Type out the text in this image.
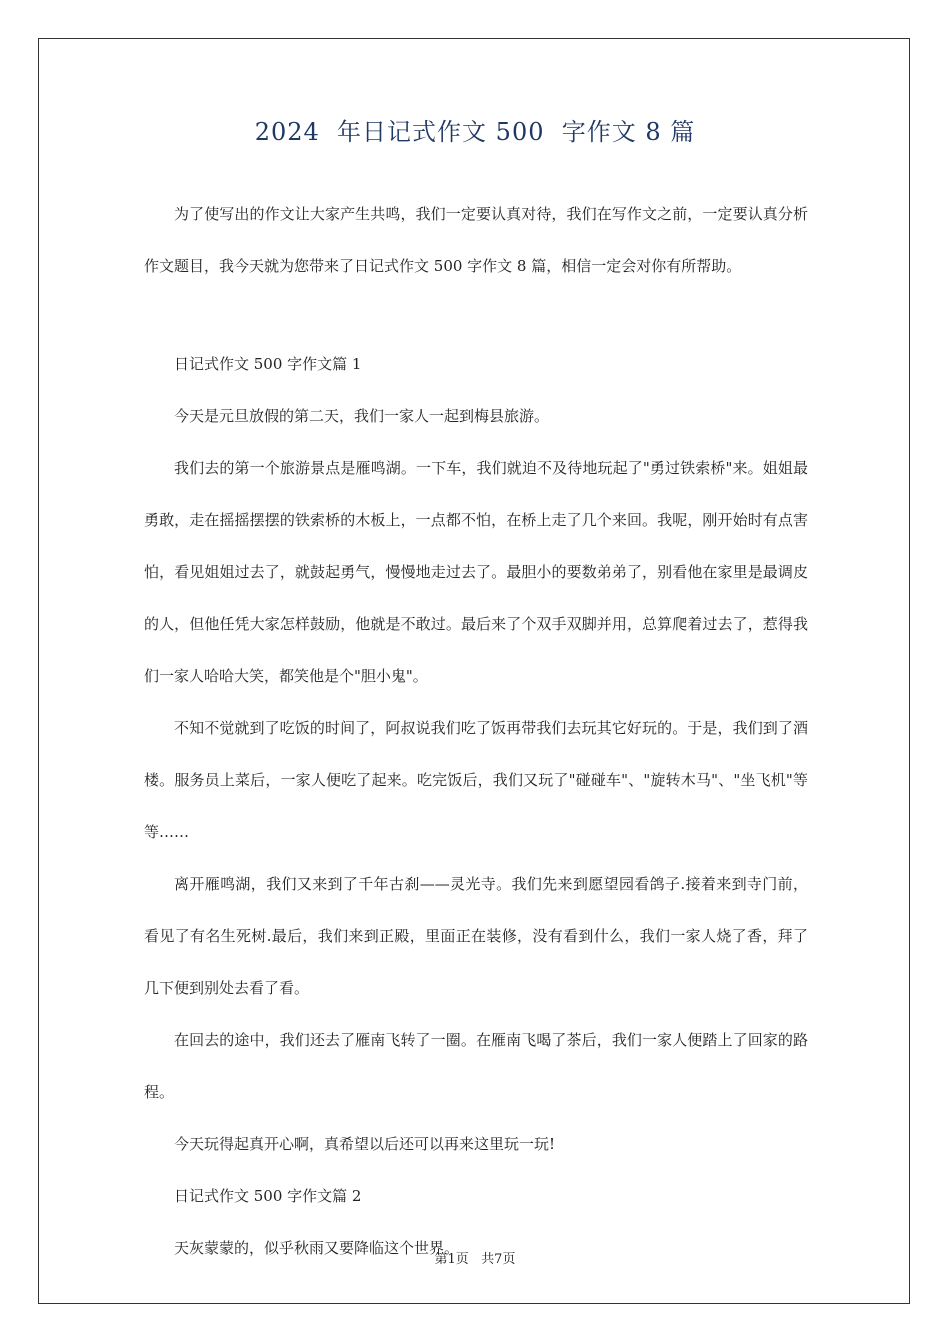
2024  年日记式作文 500  字作文 8 篇

为了使写出的作文让大家产生共鸣，我们一定要认真对待，我们在写作文之前，一定要认真分析作文题目，我今天就为您带来了日记式作文 500 字作文 8 篇，相信一定会对你有所帮助。

日记式作文 500 字作文篇 1

今天是元旦放假的第二天，我们一家人一起到梅县旅游。

我们去的第一个旅游景点是雁鸣湖。一下车，我们就迫不及待地玩起了"勇过铁索桥"来。姐姐最勇敢，走在摇摇摆摆的铁索桥的木板上，一点都不怕，在桥上走了几个来回。我呢，刚开始时有点害怕，看见姐姐过去了，就鼓起勇气，慢慢地走过去了。最胆小的要数弟弟了，别看他在家里是最调皮的人，但他任凭大家怎样鼓励，他就是不敢过。最后来了个双手双脚并用，总算爬着过去了，惹得我们一家人哈哈大笑，都笑他是个"胆小鬼"。

不知不觉就到了吃饭的时间了，阿叔说我们吃了饭再带我们去玩其它好玩的。于是，我们到了酒楼。服务员上菜后，一家人便吃了起来。吃完饭后，我们又玩了"碰碰车"、"旋转木马"、"坐飞机"等等……

离开雁鸣湖，我们又来到了千年古刹——灵光寺。我们先来到愿望园看鸽子.接着来到寺门前，看见了有名生死树.最后，我们来到正殿，里面正在装修，没有看到什么，我们一家人烧了香，拜了几下便到别处去看了看。

在回去的途中，我们还去了雁南飞转了一圈。在雁南飞喝了茶后，我们一家人便踏上了回家的路程。

今天玩得起真开心啊，真希望以后还可以再来这里玩一玩!

日记式作文 500 字作文篇 2

天灰蒙蒙的，似乎秋雨又要降临这个世界。

第1页   共7页
